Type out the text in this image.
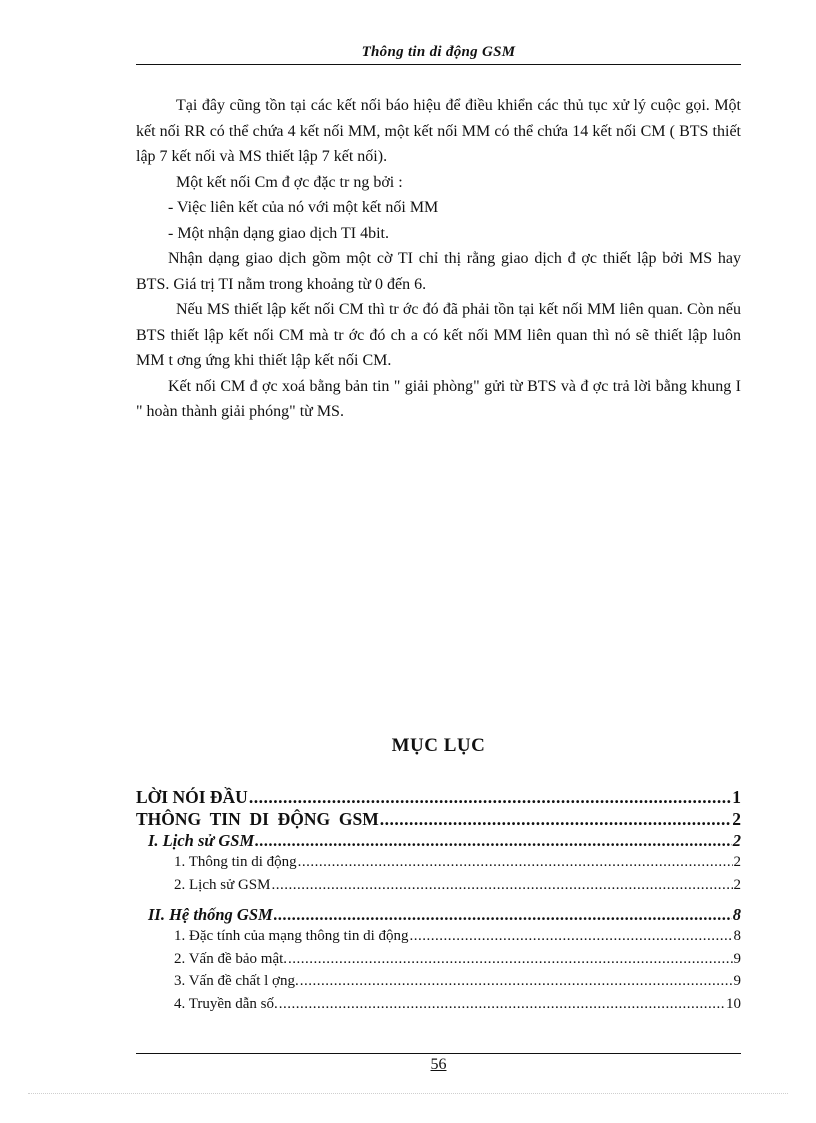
Thông tin di động GSM

Tại đây cũng tồn tại các kết nối báo hiệu để điều khiển các thủ tục xử lý cuộc gọi. Một kết nối RR có thể chứa 4 kết nối MM, một kết nối MM có thể chứa 14 kết nối CM ( BTS thiết lập 7 kết nối và MS thiết lập 7 kết nối).

Một kết nối Cm đ ợc đặc tr ng bởi :

- Việc liên kết của nó với một kết nối MM

- Một nhận dạng giao dịch TI 4bit.

Nhận dạng giao dịch gồm một cờ TI chỉ thị rằng giao dịch đ ợc thiết lập bởi MS hay BTS. Giá trị TI nằm trong khoảng từ 0 đến 6.

Nếu MS thiết lập kết nối CM thì tr ớc đó đã phải tồn tại kết nối MM liên quan. Còn nếu BTS thiết lập kết nối CM mà tr ớc đó ch a có kết nối MM liên quan thì nó sẽ thiết lập luôn MM t ơng ứng khi thiết lập kết nối CM.

Kết nối CM đ ợc xoá bằng bản tin " giải phòng" gửi từ BTS và đ ợc trả lời bằng khung I " hoàn thành giải phóng" từ MS.

MỤC LỤC
LỜI NÓI ĐẦU .....	1
THÔNG  TIN  DI  ĐỘNG  GSM .....	2
I. Lịch sử GSM .....	2
1. Thông tin di động .....	2
2. Lịch sử GSM .....	2
II. Hệ thống GSM .....	8
1. Đặc tính của mạng thông tin di động .....	8
2. Vấn đề bảo mật. .....	9
3. Vấn đề chất l ợng. .....	9
4. Truyền dẫn số. .....	10
56
